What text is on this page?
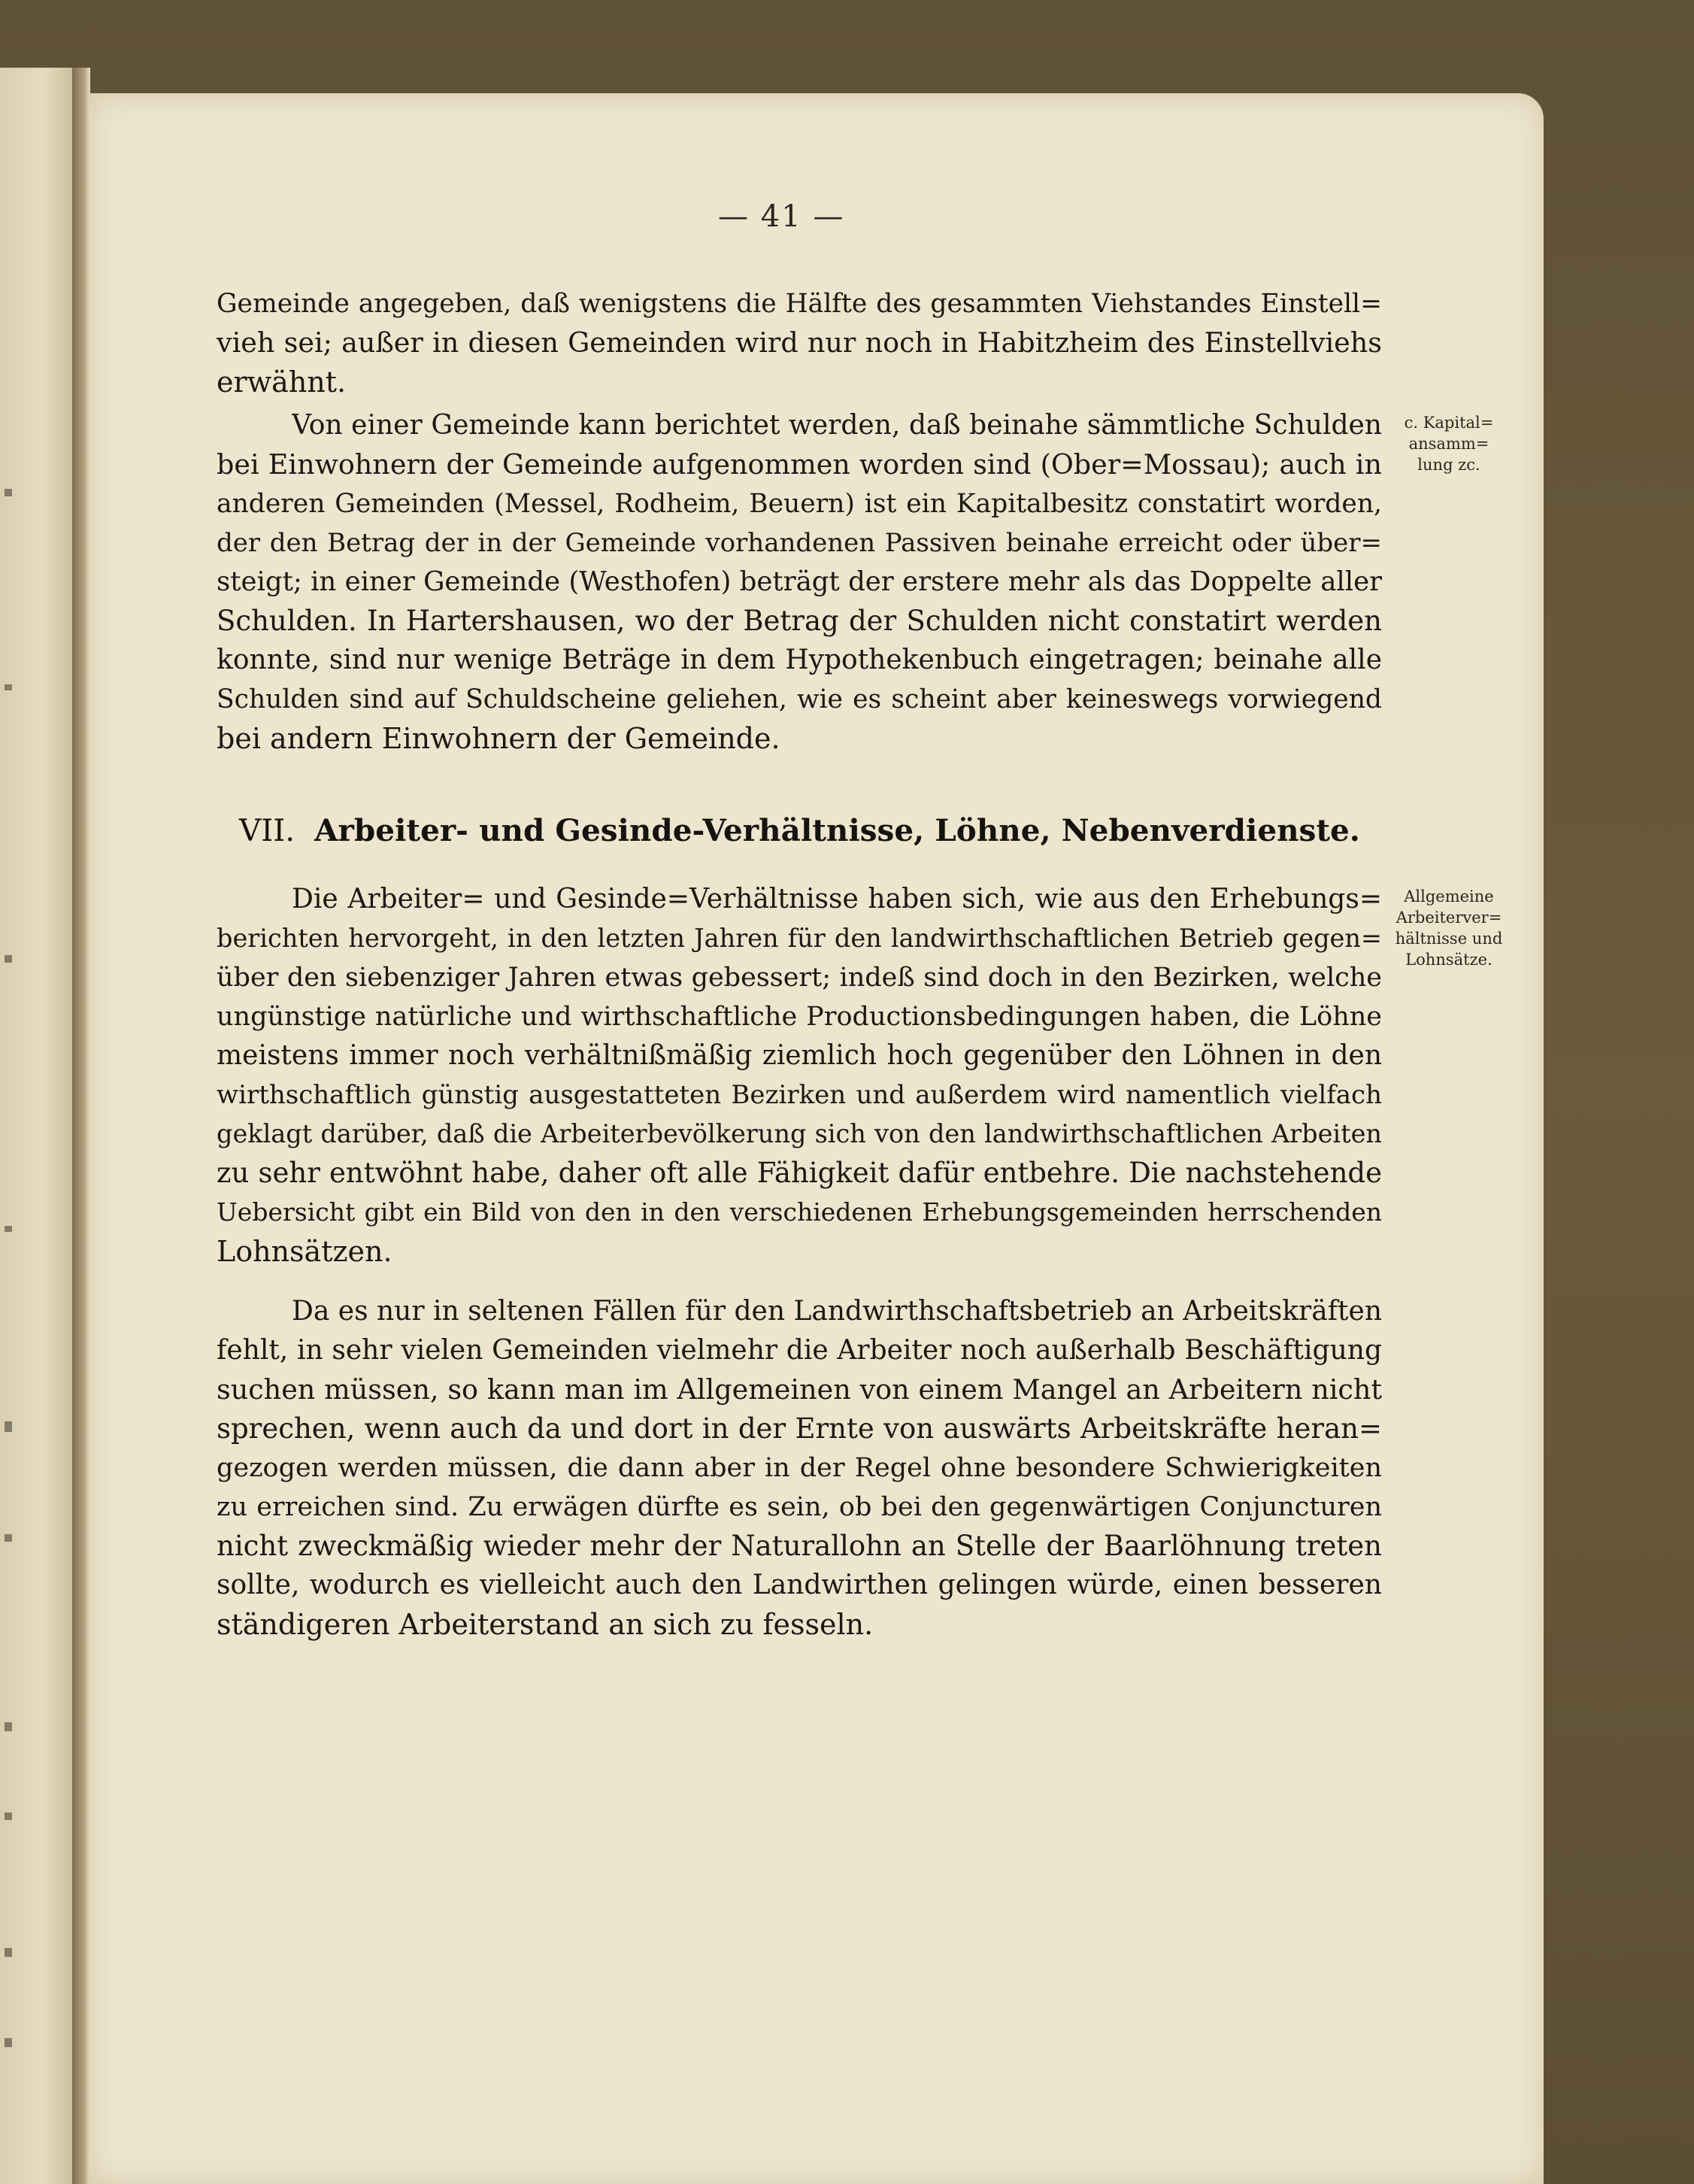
— 41 —
Gemeinde angegeben, daß wenigstens die Hälfte des gesammten Viehstandes Einstell=
vieh sei; außer in diesen Gemeinden wird nur noch in Habitzheim des Einstellviehs
erwähnt.
Von einer Gemeinde kann berichtet werden, daß beinahe sämmtliche Schulden
bei Einwohnern der Gemeinde aufgenommen worden sind (Ober=Mossau); auch in
anderen Gemeinden (Messel, Rodheim, Beuern) ist ein Kapitalbesitz constatirt worden,
der den Betrag der in der Gemeinde vorhandenen Passiven beinahe erreicht oder über=
steigt; in einer Gemeinde (Westhofen) beträgt der erstere mehr als das Doppelte aller
Schulden. In Hartershausen, wo der Betrag der Schulden nicht constatirt werden
konnte, sind nur wenige Beträge in dem Hypothekenbuch eingetragen; beinahe alle
Schulden sind auf Schuldscheine geliehen, wie es scheint aber keineswegs vorwiegend
bei andern Einwohnern der Gemeinde.
c. Kapital=
ansamm=
lung zc.
VII. Arbeiter- und Gesinde-Verhältnisse, Löhne, Nebenverdienste.
Die Arbeiter= und Gesinde=Verhältnisse haben sich, wie aus den Erhebungs=
berichten hervorgeht, in den letzten Jahren für den landwirthschaftlichen Betrieb gegen=
über den siebenziger Jahren etwas gebessert; indeß sind doch in den Bezirken, welche
ungünstige natürliche und wirthschaftliche Productionsbedingungen haben, die Löhne
meistens immer noch verhältnißmäßig ziemlich hoch gegenüber den Löhnen in den
wirthschaftlich günstig ausgestatteten Bezirken und außerdem wird namentlich vielfach
geklagt darüber, daß die Arbeiterbevölkerung sich von den landwirthschaftlichen Arbeiten
zu sehr entwöhnt habe, daher oft alle Fähigkeit dafür entbehre. Die nachstehende
Uebersicht gibt ein Bild von den in den verschiedenen Erhebungsgemeinden herrschenden
Lohnsätzen.
Allgemeine
Arbeiterver=
hältnisse und
Lohnsätze.
Da es nur in seltenen Fällen für den Landwirthschaftsbetrieb an Arbeitskräften
fehlt, in sehr vielen Gemeinden vielmehr die Arbeiter noch außerhalb Beschäftigung
suchen müssen, so kann man im Allgemeinen von einem Mangel an Arbeitern nicht
sprechen, wenn auch da und dort in der Ernte von auswärts Arbeitskräfte heran=
gezogen werden müssen, die dann aber in der Regel ohne besondere Schwierigkeiten
zu erreichen sind. Zu erwägen dürfte es sein, ob bei den gegenwärtigen Conjuncturen
nicht zweckmäßig wieder mehr der Naturallohn an Stelle der Baarlöhnung treten
sollte, wodurch es vielleicht auch den Landwirthen gelingen würde, einen besseren
ständigeren Arbeiterstand an sich zu fesseln.
